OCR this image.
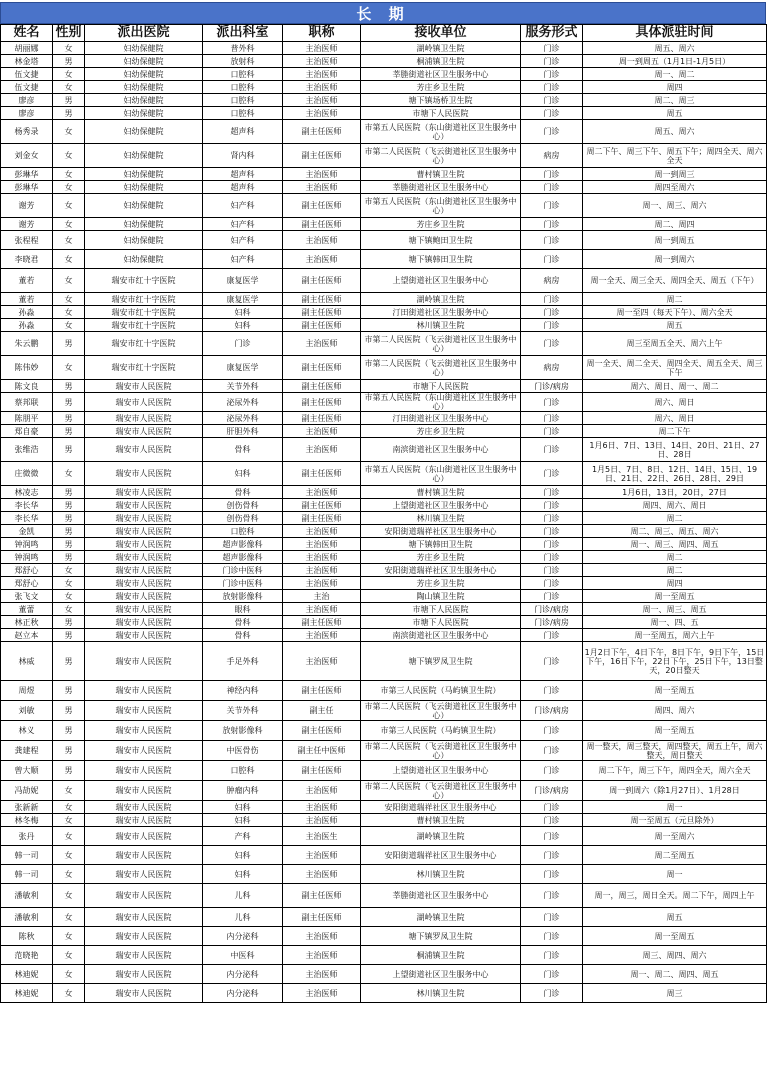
长 期
姓名	性别	派出医院	派出科室	职称	接收单位	服务形式	具体派驻时间
胡丽娜	女	妇幼保健院	普外科	主治医师	湖岭镇卫生院	门诊	周五、周六
林金塔	男	妇幼保健院	放射科	主治医师	桐浦镇卫生院	门诊	周一到周五（1月1日-1月5日）
伍文捷	女	妇幼保健院	口腔科	主治医师	莘塍街道社区卫生服务中心	门诊	周一、周二
伍文捷	女	妇幼保健院	口腔科	主治医师	芳庄乡卫生院	门诊	周四
廖彦	男	妇幼保健院	口腔科	主治医师	塘下镇场桥卫生院	门诊	周二、周三
廖彦	男	妇幼保健院	口腔科	主治医师	市塘下人民医院	门诊	周五
杨秀录	女	妇幼保健院	超声科	副主任医师	市第五人民医院（东山街道社区卫生服务中心）	门诊	周五、周六
刘金女	女	妇幼保健院	肾内科	副主任医师	市第二人民医院（飞云街道社区卫生服务中心）	病房	周二下午、周三下午、周五下午；周四全天、周六全天
彭琳华	女	妇幼保健院	超声科	主治医师	曹村镇卫生院	门诊	周一到周三
彭琳华	女	妇幼保健院	超声科	主治医师	莘塍街道社区卫生服务中心	门诊	周四至周六
谢芳	女	妇幼保健院	妇产科	副主任医师	市第五人民医院（东山街道社区卫生服务中心）	门诊	周一、周三、周六
谢芳	女	妇幼保健院	妇产科	副主任医师	芳庄乡卫生院	门诊	周二、周四
张程程	女	妇幼保健院	妇产科	主治医师	塘下镇鲍田卫生院	门诊	周一到周五
李晓君	女	妇幼保健院	妇产科	主治医师	塘下镇韩田卫生院	门诊	周一到周六
董若	女	瑞安市红十字医院	康复医学	副主任医师	上望街道社区卫生服务中心	病房	周一全天、周三全天、周四全天、周五（下午）
董若	女	瑞安市红十字医院	康复医学	副主任医师	湖岭镇卫生院	门诊	周二
孙淼	女	瑞安市红十字医院	妇科	副主任医师	汀田街道社区卫生服务中心	门诊	周一至四（每天下午）、周六全天
孙淼	女	瑞安市红十字医院	妇科	副主任医师	林川镇卫生院	门诊	周五
朱云鹏	男	瑞安市红十字医院	门诊	主治医师	市第二人民医院（飞云街道社区卫生服务中心）	门诊	周三至周五全天、周六上午
陈伟妙	女	瑞安市红十字医院	康复医学	副主任医师	市第二人民医院（飞云街道社区卫生服务中心）	病房	周一全天、周二全天、周四全天、周五全天、周三下午
陈文良	男	瑞安市人民医院	关节外科	副主任医师	市塘下人民医院	门诊/病房	周六、周日、周一、周二
蔡邦联	男	瑞安市人民医院	泌尿外科	副主任医师	市第五人民医院（东山街道社区卫生服务中心）	门诊	周六、周日
陈朋平	男	瑞安市人民医院	泌尿外科	副主任医师	汀田街道社区卫生服务中心	门诊	周六、周日
郑自豪	男	瑞安市人民医院	肝胆外科	主治医师	芳庄乡卫生院	门诊	周二下午
张维浩	男	瑞安市人民医院	骨科	主治医师	南滨街道社区卫生服务中心	门诊	1月6日、7日、13日、14日、20日、21日、27日、28日
庄微微	女	瑞安市人民医院	妇科	副主任医师	市第五人民医院（东山街道社区卫生服务中心）	门诊	1月5日、7日、8日、12日、14日、15日、19日、21日、22日、26日、28日、29日
林凌志	男	瑞安市人民医院	骨科	主治医师	曹村镇卫生院	门诊	1月6日，13日，20日，27日
李长华	男	瑞安市人民医院	创伤骨科	副主任医师	上望街道社区卫生服务中心	门诊	周四、周六、周日
李长华	男	瑞安市人民医院	创伤骨科	副主任医师	林川镇卫生院	门诊	周二
金凯	男	瑞安市人民医院	口腔科	主治医师	安阳街道瑞祥社区卫生服务中心	门诊	周二、周三、周五、周六
钟润鸣	男	瑞安市人民医院	超声影像科	主治医师	塘下镇韩田卫生院	门诊	周一、周三、周四、周五
钟润鸣	男	瑞安市人民医院	超声影像科	主治医师	芳庄乡卫生院	门诊	周二
郑舒心	女	瑞安市人民医院	门诊中医科	主治医师	安阳街道瑞祥社区卫生服务中心	门诊	周二
郑舒心	女	瑞安市人民医院	门诊中医科	主治医师	芳庄乡卫生院	门诊	周四
张飞文	女	瑞安市人民医院	放射影像科	主治	陶山镇卫生院	门诊	周一至周五
董蕾	女	瑞安市人民医院	眼科	主治医师	市塘下人民医院	门诊/病房	周一、周三、周五
林正秋	男	瑞安市人民医院	骨科	副主任医师	市塘下人民医院	门诊/病房	周一、四、五
赵立本	男	瑞安市人民医院	骨科	主治医师	南滨街道社区卫生服务中心	门诊	周一至周五，周六上午
林威	男	瑞安市人民医院	手足外科	主治医师	塘下镇罗凤卫生院	门诊	1月2日下午，4日下午，8日下午，9日下午，15日下午，16日下午，22日下午，25日下午，13日整天，20日整天
周煜	男	瑞安市人民医院	神经内科	副主任医师	市第三人民医院（马屿镇卫生院）	门诊	周一至周五
刘敏	男	瑞安市人民医院	关节外科	副主任	市第二人民医院（飞云街道社区卫生服务中心）	门诊/病房	周四、周六
林义	男	瑞安市人民医院	放射影像科	副主任医师	市第三人民医院（马屿镇卫生院）	门诊	周一至周五
龚建程	男	瑞安市人民医院	中医骨伤	副主任中医师	市第二人民医院（飞云街道社区卫生服务中心）	门诊	周一整天，周三整天，周四整天，周五上午，周六整天，周日整天
曾大顺	男	瑞安市人民医院	口腔科	副主任医师	上望街道社区卫生服务中心	门诊	周二下午，周三下午，周四全天，周六全天
冯劼妮	女	瑞安市人民医院	肿瘤内科	主治医师	市第二人民医院（飞云街道社区卫生服务中心）	门诊/病房	周一到周六（除1月27日）、1月28日
张新新	女	瑞安市人民医院	妇科	主治医师	安阳街道瑞祥社区卫生服务中心	门诊	周一
林冬梅	女	瑞安市人民医院	妇科	主治医师	曹村镇卫生院	门诊	周一至周五（元旦除外）
张丹	女	瑞安市人民医院	产科	主治医生	湖岭镇卫生院	门诊	周一至周六
韩一司	女	瑞安市人民医院	妇科	主治医师	安阳街道瑞祥社区卫生服务中心	门诊	周二至周五
韩一司	女	瑞安市人民医院	妇科	主治医师	林川镇卫生院	门诊	周一
潘敏利	女	瑞安市人民医院	儿科	副主任医师	莘塍街道社区卫生服务中心	门诊	周一，周三，周日全天。周二下午，周四上午
潘敏利	女	瑞安市人民医院	儿科	副主任医师	湖岭镇卫生院	门诊	周五
陈秋	女	瑞安市人民医院	内分泌科	主治医师	塘下镇罗凤卫生院	门诊	周一至周五
范晓艳	女	瑞安市人民医院	中医科	主治医师	桐浦镇卫生院	门诊	周三、周四、周六
林迪妮	女	瑞安市人民医院	内分泌科	主治医师	上望街道社区卫生服务中心	门诊	周一、周二、周四、周五
林迪妮	女	瑞安市人民医院	内分泌科	主治医师	林川镇卫生院	门诊	周三
